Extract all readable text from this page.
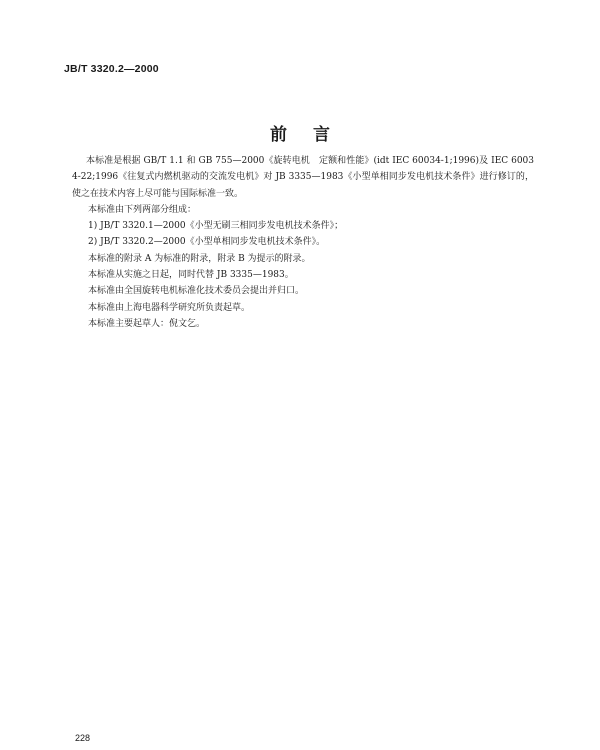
JB/T 3320.2—2000
前言

本标准是根据 GB/T 1.1 和 GB 755—2000《旋转电机　定额和性能》(idt IEC 60034-1;1996)及 IEC 60034-22;1996《往复式内燃机驱动的交流发电机》对 JB 3335—1983《小型单相同步发电机技术条件》进行修订的，使之在技术内容上尽可能与国际标准一致。

本标准由下列两部分组成：

1) JB/T 3320.1—2000《小型无刷三相同步发电机技术条件》；

2) JB/T 3320.2—2000《小型单相同步发电机技术条件》。

本标准的附录 A 为标准的附录，附录 B 为提示的附录。

本标准从实施之日起，同时代替 JB 3335—1983。

本标准由全国旋转电机标准化技术委员会提出并归口。

本标准由上海电器科学研究所负责起草。

本标准主要起草人：倪文乞。

228
